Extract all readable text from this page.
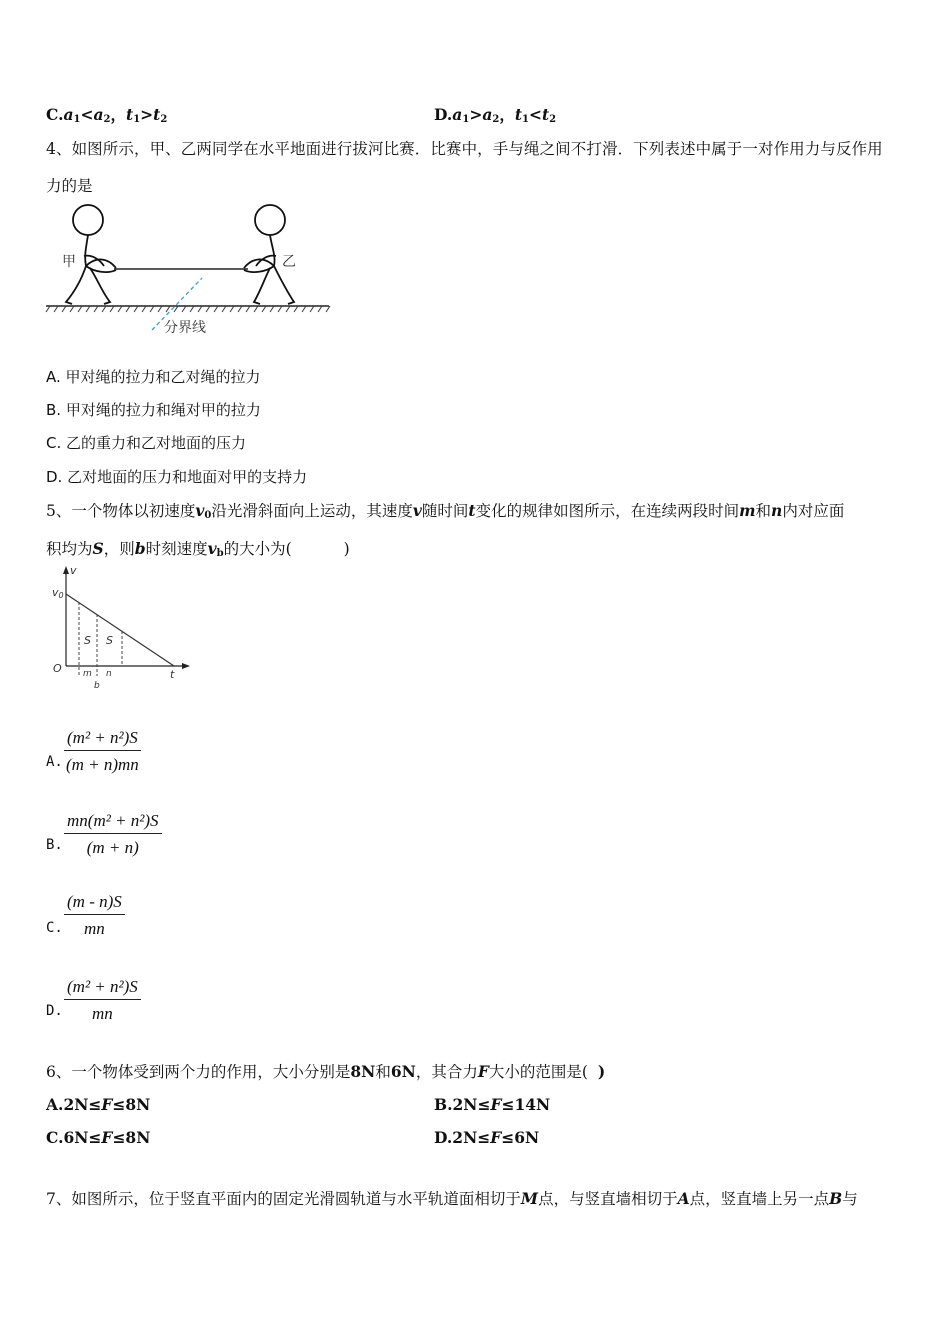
$C.a_1<a_2$，$t_1>t_2$	$D.a_1>a_2$，$t_1<t_2$
4、如图所示，甲、乙两同学在水平地面进行拔河比赛．比赛中，手与绳之间不打滑．下列表述中属于一对作用力与反作用
力的是
甲	乙
分界线
A. 甲对绳的拉力和乙对绳的拉力
B. 甲对绳的拉力和绳对甲的拉力
C. 乙的重力和乙对地面的压力
D. 乙对地面的压力和地面对甲的支持力
5、一个物体以初速度$v_0$沿光滑斜面向上运动，其速度v随时间t变化的规律如图所示，在连续两段时间m和n内对应面
积均为S，则b时刻速度$v_b$的大小为(	)
t
v
v0
O
S S
m n
b
A. $\frac{\text{(m² + n²)S}}{(m + n)mn}$
B. $\frac{\text{mn(m² + n²)S}}{(m + n)}$
C. $\frac{(m - n)S}{mn}$
D. $\frac{\text{(m² + n²)S}}{mn}$
6、一个物体受到两个力的作用，大小分别是8N和6N，其合力F大小的范围是( )
A.2N≤F≤8N	B.2N≤F≤14N
C.6N≤F≤8N	D.2N≤F≤6N
7、如图所示，位于竖直平面内的固定光滑圆轨道与水平轨道面相切于M点，与竖直墙相切于A点，竖直墙上另一点B与
